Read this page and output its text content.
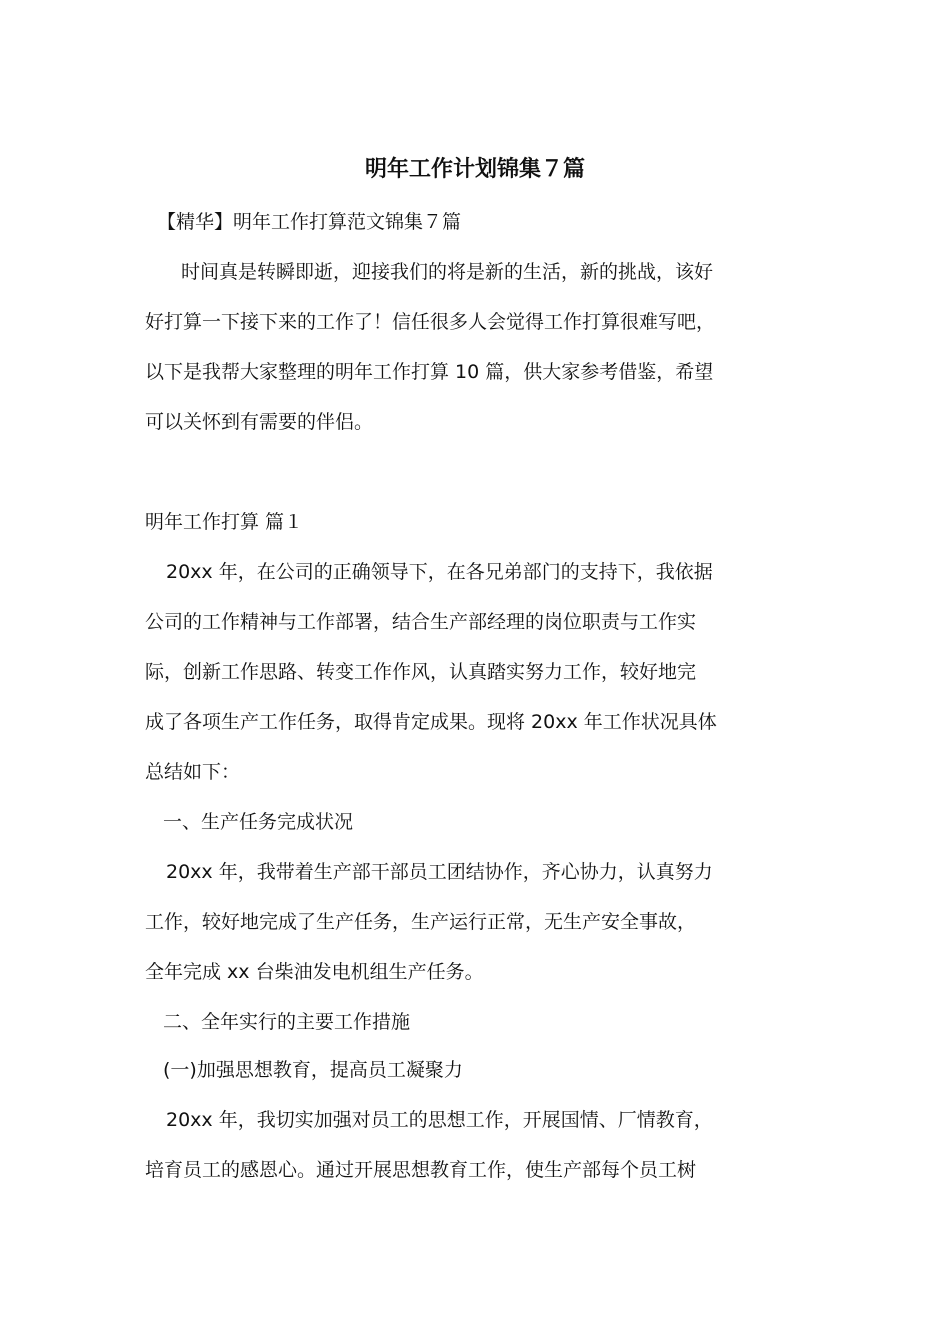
明年工作计划锦集７篇

【精华】明年工作打算范文锦集７篇

时间真是转瞬即逝，迎接我们的将是新的生活，新的挑战，该好

好打算一下接下来的工作了！信任很多人会觉得工作打算很难写吧，

以下是我帮大家整理的明年工作打算 10 篇，供大家参考借鉴，希望

可以关怀到有需要的伴侣。

明年工作打算 篇１

20xx 年，在公司的正确领导下，在各兄弟部门的支持下，我依据

公司的工作精神与工作部署，结合生产部经理的岗位职责与工作实

际，创新工作思路、转变工作作风，认真踏实努力工作，较好地完

成了各项生产工作任务，取得肯定成果。现将 20xx 年工作状况具体

总结如下：

一、生产任务完成状况

20xx 年，我带着生产部干部员工团结协作，齐心协力，认真努力

工作，较好地完成了生产任务，生产运行正常，无生产安全事故，

全年完成 xx 台柴油发电机组生产任务。

二、全年实行的主要工作措施

(一)加强思想教育，提高员工凝聚力

20xx 年，我切实加强对员工的思想工作，开展国情、厂情教育，

培育员工的感恩心。通过开展思想教育工作，使生产部每个员工树
